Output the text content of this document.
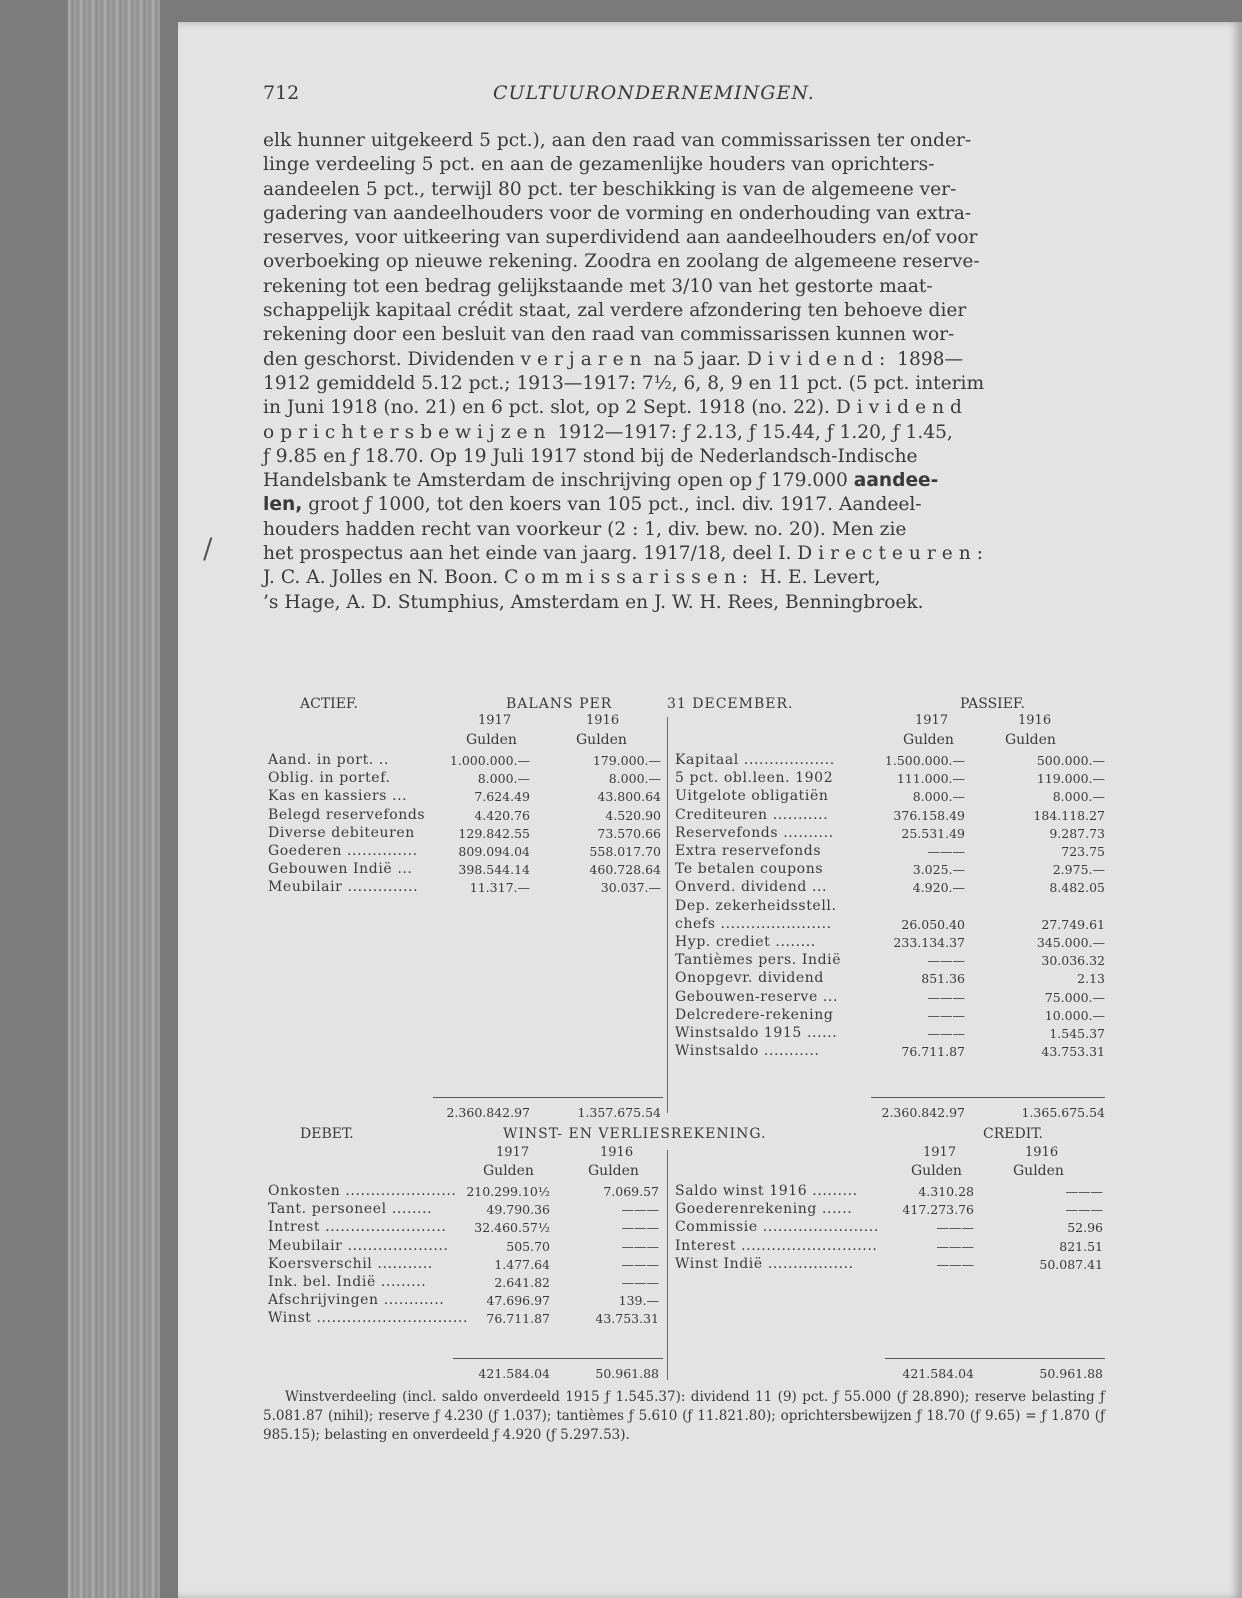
712	CULTUURONDERNEMINGEN.

elk hunner uitgekeerd 5 pct.), aan den raad van commissarissen ter onder-

linge verdeeling 5 pct. en aan de gezamenlijke houders van oprichters-

aandeelen 5 pct., terwijl 80 pct. ter beschikking is van de algemeene ver-

gadering van aandeelhouders voor de vorming en onderhouding van extra-

reserves, voor uitkeering van superdividend aan aandeelhouders en/of voor

overboeking op nieuwe rekening. Zoodra en zoolang de algemeene reserve-

rekening tot een bedrag gelijkstaande met 3/10 van het gestorte maat-

schappelijk kapitaal crédit staat, zal verdere afzondering ten behoeve dier

rekening door een besluit van den raad van commissarissen kunnen wor-

den geschorst. Dividenden verjaren na 5 jaar. Dividend: 1898—

1912 gemiddeld 5.12 pct.; 1913—1917: 7½, 6, 8, 9 en 11 pct. (5 pct. interim

in Juni 1918 (no. 21) en 6 pct. slot, op 2 Sept. 1918 (no. 22). Dividend

oprichtersbewijzen 1912—1917: ƒ 2.13, ƒ 15.44, ƒ 1.20, ƒ 1.45,

ƒ 9.85 en ƒ 18.70. Op 19 Juli 1917 stond bij de Nederlandsch-Indische

Handelsbank te Amsterdam de inschrijving open op ƒ 179.000 aandee-

len, groot ƒ 1000, tot den koers van 105 pct., incl. div. 1917. Aandeel-

houders hadden recht van voorkeur (2 : 1, div. bew. no. 20). Men zie

het prospectus aan het einde van jaarg. 1917/18, deel I. Directeuren:

J. C. A. Jolles en N. Boon. Commissarissen: H. E. Levert,

’s Hage, A. D. Stumphius, Amsterdam en J. W. H. Rees, Benningbroek.

ACTIEF.	BALANS PER	31 DECEMBER.	PASSIEF.
1917	1916
Gulden	Gulden
1917	1916
Gulden	Gulden
Aand. in port. ..	1.000.000.—	179.000.—
Oblig. in portef.	8.000.—	8.000.—
Kas en kassiers ...	7.624.49	43.800.64
Belegd reservefonds	4.420.76	4.520.90
Diverse debiteuren	129.842.55	73.570.66
Goederen ..............	809.094.04	558.017.70
Gebouwen Indië ...	398.544.14	460.728.64
Meubilair ..............	11.317.—	30.037.—
Kapitaal ..................	1.500.000.—	500.000.—
5 pct. obl.leen. 1902	111.000.—	119.000.—
Uitgelote obligatiën	8.000.—	8.000.—
Crediteuren ...........	376.158.49	184.118.27
Reservefonds ..........	25.531.49	9.287.73
Extra reservefonds	———	723.75
Te betalen coupons	3.025.—	2.975.—
Onverd. dividend ...	4.920.—	8.482.05
Dep. zekerheidsstell.
chefs ......................	26.050.40	27.749.61
Hyp. crediet ........	233.134.37	345.000.—
Tantièmes pers. Indië	———	30.036.32
Onopgevr. dividend	851.36	2.13
Gebouwen-reserve ...	———	75.000.—
Delcredere-rekening	———	10.000.—
Winstsaldo 1915 ......	———	1.545.37
Winstsaldo ...........	76.711.87	43.753.31
2.360.842.97	1.357.675.54	2.360.842.97	1.365.675.54
DEBET.	WINST- EN VERLIESREKENING.	CREDIT.
1917	1916
Gulden	Gulden
1917	1916
Gulden	Gulden
Onkosten ...................... 210.299.10½	7.069.57
Tant. personeel ........	49.790.36	———
Intrest ........................	32.460.57½	———
Meubilair ....................	505.70	———
Koersverschil ...........	1.477.64	———
Ink. bel. Indië .........	2.641.82	———
Afschrijvingen ............	47.696.97	139.—
Winst ..............................	76.711.87	43.753.31
Saldo winst 1916 .........	4.310.28	———
Goederenrekening ......	417.273.76	———
Commissie .......................	———	52.96
Interest ...........................	———	821.51
Winst Indië .................	———	50.087.41
421.584.04	50.961.88	421.584.04	50.961.88

Winstverdeeling (incl. saldo onverdeeld 1915 ƒ 1.545.37): dividend 11 (9) pct. ƒ 55.000 (ƒ 28.890); reserve belasting ƒ 5.081.87 (nihil); reserve ƒ 4.230 (ƒ 1.037); tantièmes ƒ 5.610 (ƒ 11.821.80); oprichtersbewijzen ƒ 18.70 (ƒ 9.65) = ƒ 1.870 (ƒ 985.15); belasting en onverdeeld ƒ 4.920 (ƒ 5.297.53).

/
